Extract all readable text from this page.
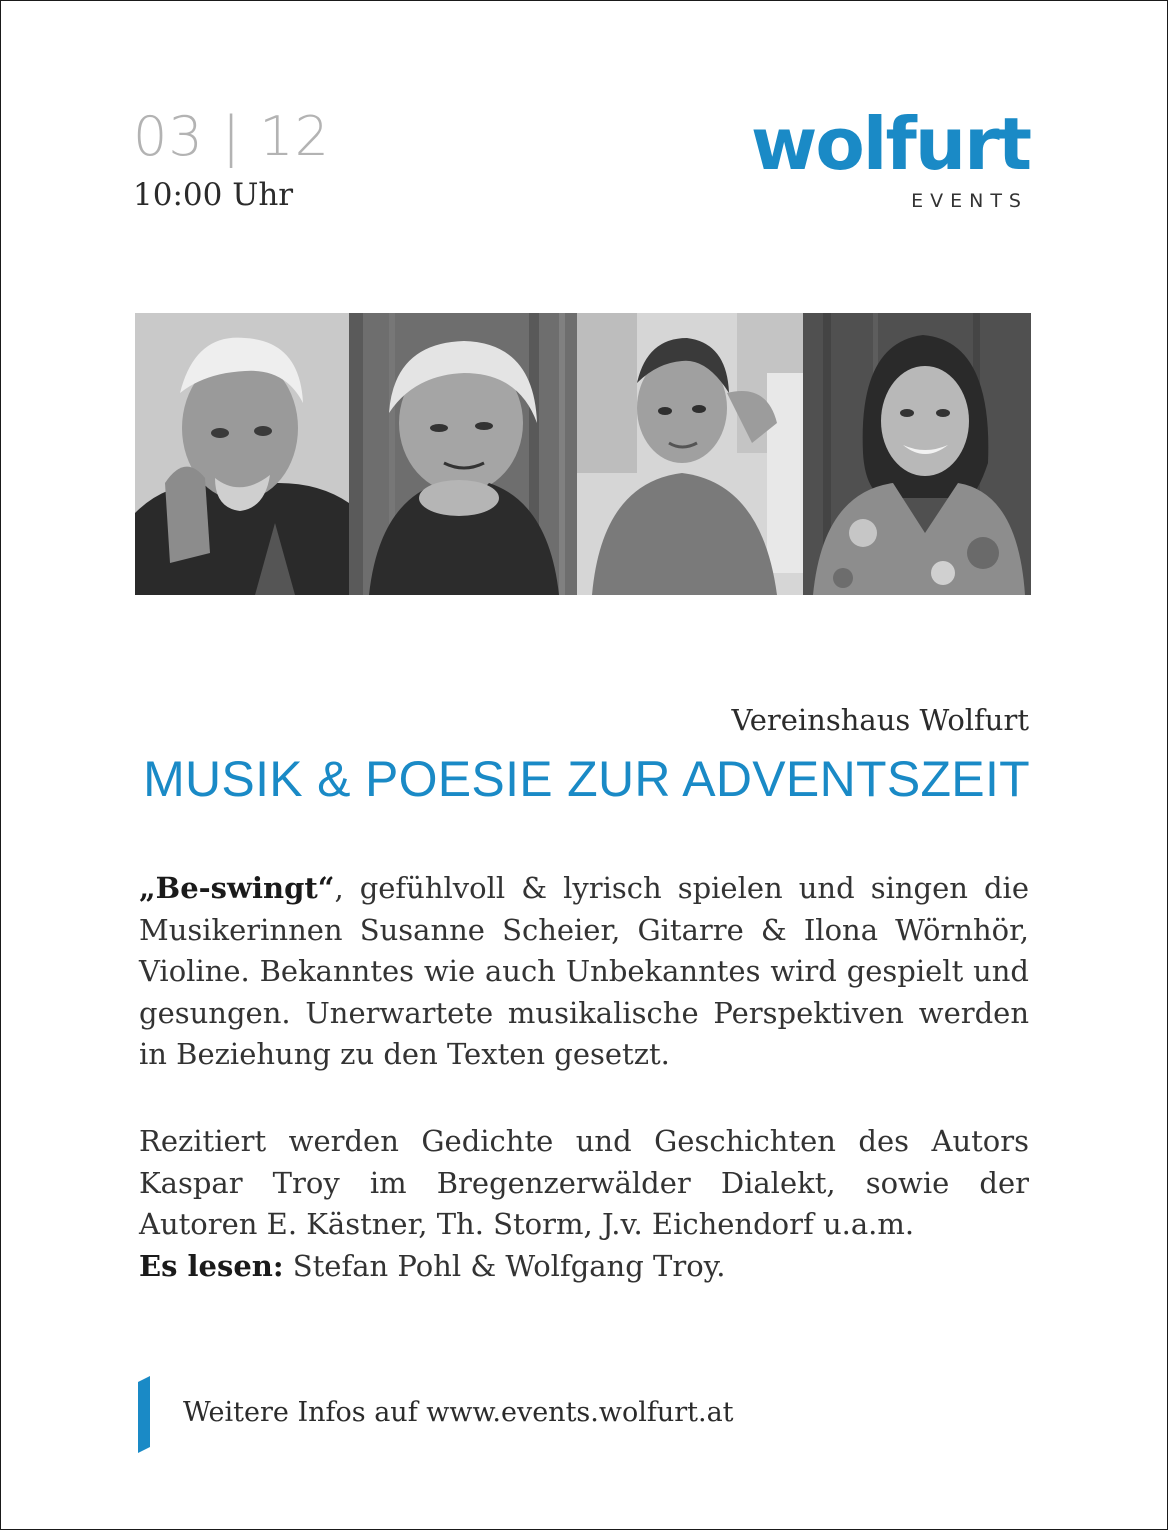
03 | 12
10:00 Uhr
wolfurt
EVENTS
Vereinshaus Wolfurt
MUSIK & POESIE ZUR ADVENTSZEIT
„Be-swingt“, gefühlvoll & lyrisch spielen und singen die Musikerinnen Susanne Scheier, Gitarre & Ilona Wörnhör, Violine. Bekanntes wie auch Unbekanntes wird gespielt und gesungen. Unerwartete musikalische Perspektiven werden in Beziehung zu den Texten gesetzt.
Rezitiert werden Gedichte und Geschichten des Autors Kaspar Troy im Bregenzerwälder Dialekt, sowie der Autoren E. Kästner, Th. Storm, J.v. Eichendorf u.a.m.
Es lesen: Stefan Pohl & Wolfgang Troy.
Weitere Infos auf www.events.wolfurt.at
